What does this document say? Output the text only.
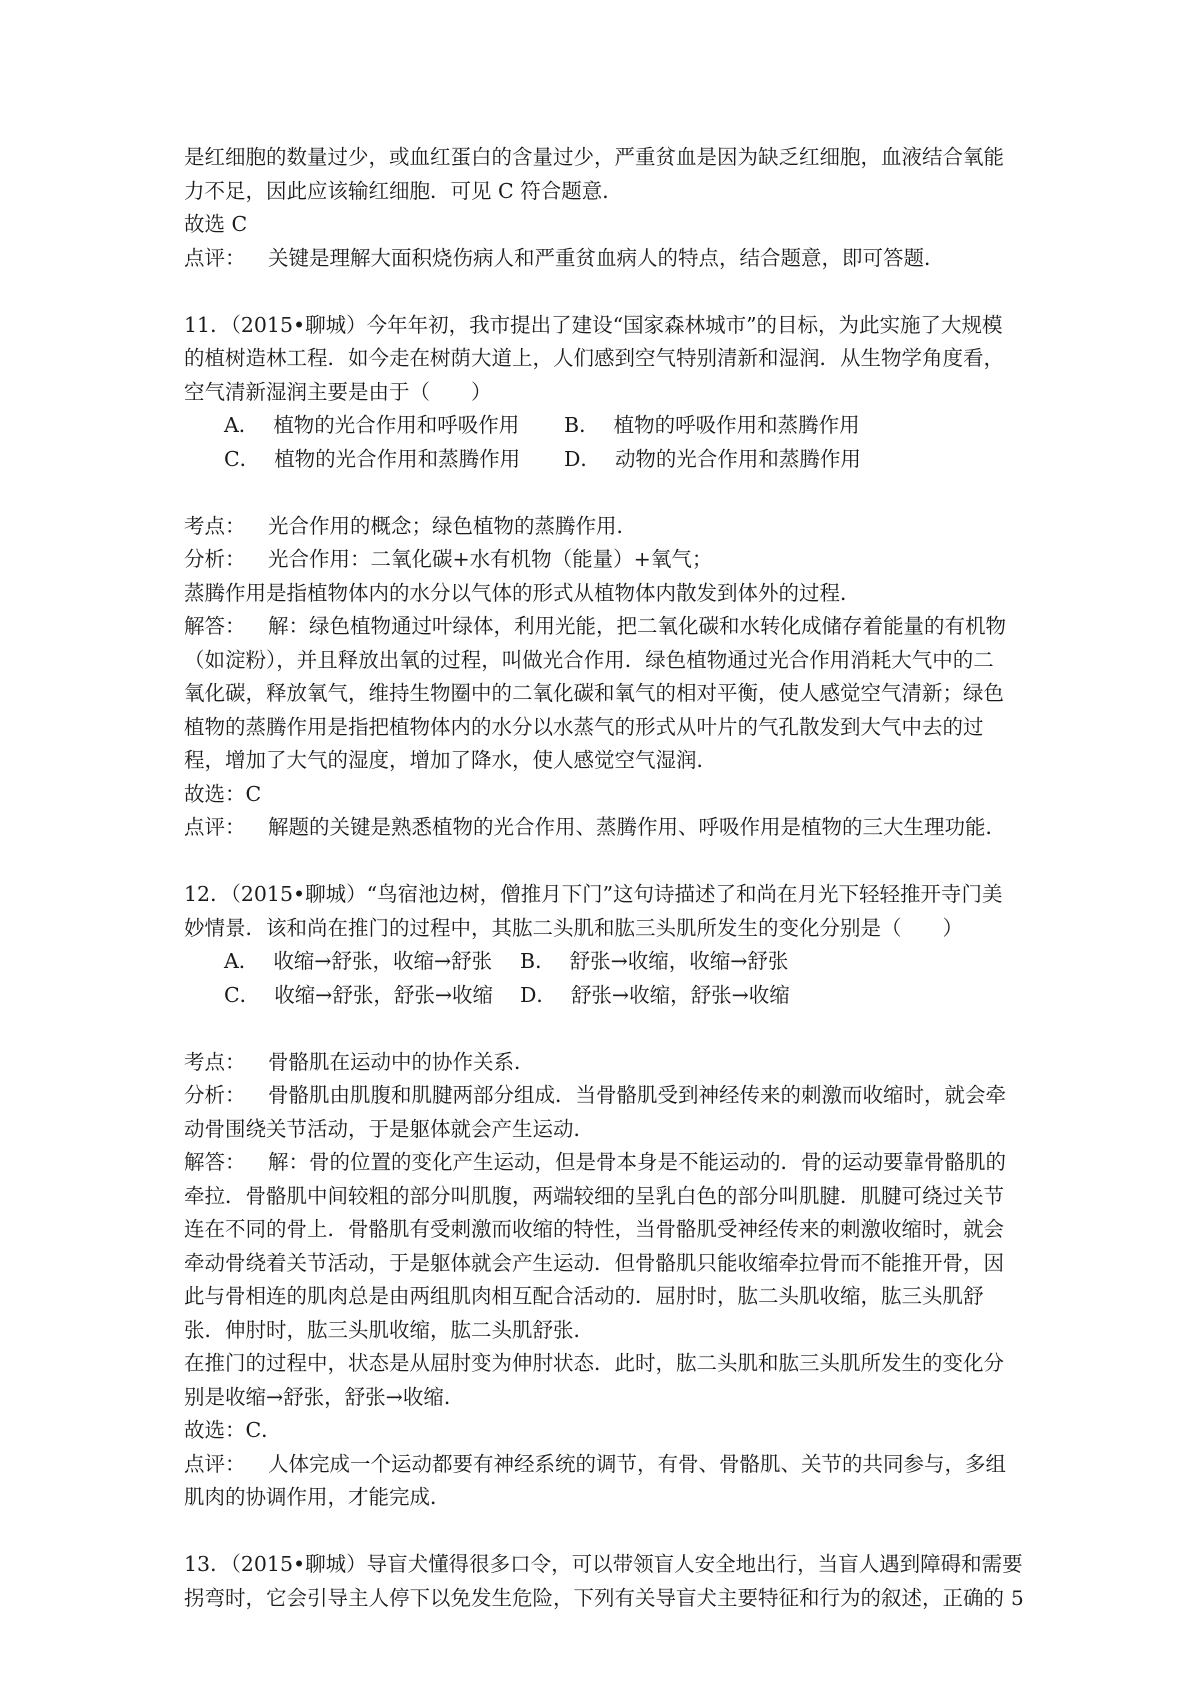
是红细胞的数量过少，或血红蛋白的含量过少，严重贫血是因为缺乏红细胞，血液结合氧能
力不足，因此应该输红细胞．可见 C 符合题意．
故选 C
点评：	关键是理解大面积烧伤病人和严重贫血病人的特点，结合题意，即可答题．
11．（2015•聊城）今年年初，我市提出了建设“国家森林城市”的目标，为此实施了大规模
的植树造林工程．如今走在树荫大道上，人们感到空气特别清新和湿润．从生物学角度看，
空气清新湿润主要是由于（　　）
A． 植物的光合作用和呼吸作用	B． 植物的呼吸作用和蒸腾作用
C． 植物的光合作用和蒸腾作用	D． 动物的光合作用和蒸腾作用
考点：	光合作用的概念；绿色植物的蒸腾作用．
分析：	光合作用：二氧化碳+水有机物（能量）+氧气；
蒸腾作用是指植物体内的水分以气体的形式从植物体内散发到体外的过程．
解答：	解：绿色植物通过叶绿体，利用光能，把二氧化碳和水转化成储存着能量的有机物
（如淀粉），并且释放出氧的过程，叫做光合作用．绿色植物通过光合作用消耗大气中的二
氧化碳，释放氧气，维持生物圈中的二氧化碳和氧气的相对平衡，使人感觉空气清新；绿色
植物的蒸腾作用是指把植物体内的水分以水蒸气的形式从叶片的气孔散发到大气中去的过
程，增加了大气的湿度，增加了降水，使人感觉空气湿润．
故选：C
点评：	解题的关键是熟悉植物的光合作用、蒸腾作用、呼吸作用是植物的三大生理功能．
12．（2015•聊城）“鸟宿池边树，僧推月下门”这句诗描述了和尚在月光下轻轻推开寺门美
妙情景．该和尚在推门的过程中，其肱二头肌和肱三头肌所发生的变化分别是（　　）
A． 收缩→舒张，收缩→舒张	B． 舒张→收缩，收缩→舒张
C． 收缩→舒张，舒张→收缩	D． 舒张→收缩，舒张→收缩
考点：	骨骼肌在运动中的协作关系．
分析：	骨骼肌由肌腹和肌腱两部分组成．当骨骼肌受到神经传来的刺激而收缩时，就会牵
动骨围绕关节活动，于是躯体就会产生运动．
解答：	解：骨的位置的变化产生运动，但是骨本身是不能运动的．骨的运动要靠骨骼肌的
牵拉．骨骼肌中间较粗的部分叫肌腹，两端较细的呈乳白色的部分叫肌腱．肌腱可绕过关节
连在不同的骨上．骨骼肌有受刺激而收缩的特性，当骨骼肌受神经传来的刺激收缩时，就会
牵动骨绕着关节活动，于是躯体就会产生运动．但骨骼肌只能收缩牵拉骨而不能推开骨，因
此与骨相连的肌肉总是由两组肌肉相互配合活动的．屈肘时，肱二头肌收缩，肱三头肌舒
张．伸肘时，肱三头肌收缩，肱二头肌舒张．
在推门的过程中，状态是从屈肘变为伸肘状态．此时，肱二头肌和肱三头肌所发生的变化分
别是收缩→舒张，舒张→收缩．
故选：C．
点评：	人体完成一个运动都要有神经系统的调节，有骨、骨骼肌、关节的共同参与，多组
肌肉的协调作用，才能完成．
13．（2015•聊城）导盲犬懂得很多口令，可以带领盲人安全地出行，当盲人遇到障碍和需要
拐弯时，它会引导主人停下以免发生危险，下列有关导盲犬主要特征和行为的叙述，正确的 5
